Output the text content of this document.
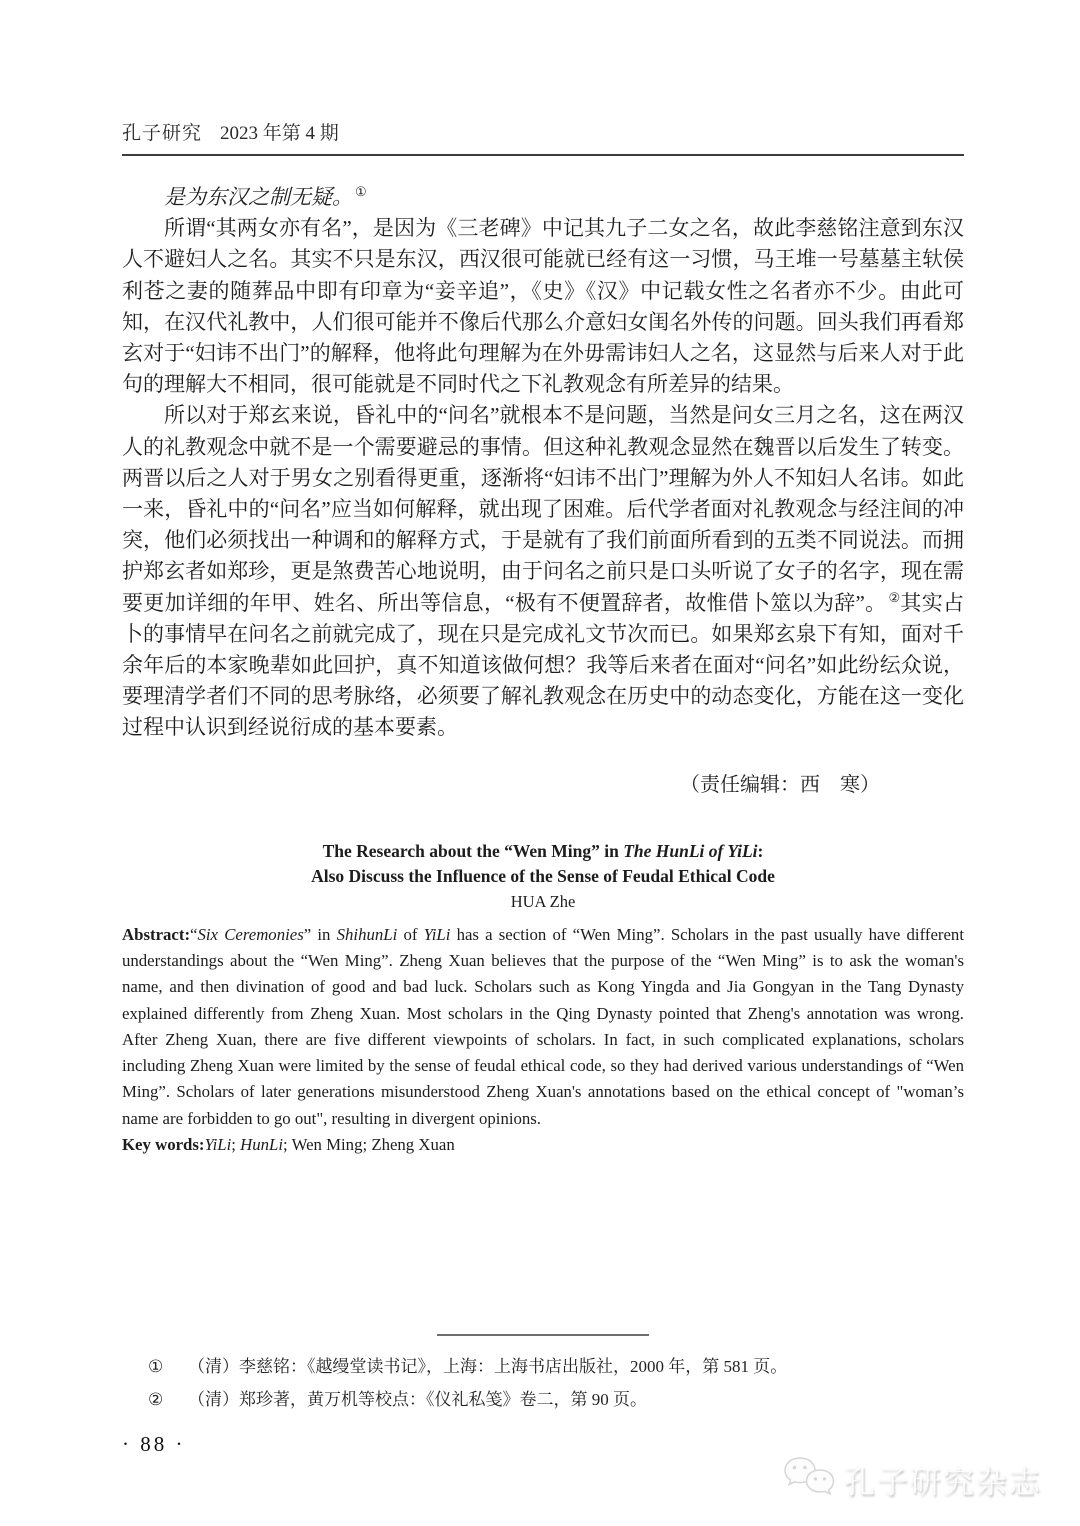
孔子研究 2023 年第 4 期

是为东汉之制无疑。 ①

所谓“其两女亦有名”，是因为《三老碑》中记其九子二女之名，故此李慈铭注意到东汉人不避妇人之名。其实不只是东汉，西汉很可能就已经有这一习惯，马王堆一号墓墓主轪侯利苍之妻的随葬品中即有印章为“妾辛追”，《史》《汉》中记载女性之名者亦不少。由此可知，在汉代礼教中，人们很可能并不像后代那么介意妇女闺名外传的问题。回头我们再看郑玄对于“妇讳不出门”的解释，他将此句理解为在外毋需讳妇人之名，这显然与后来人对于此句的理解大不相同，很可能就是不同时代之下礼教观念有所差异的结果。

所以对于郑玄来说，昏礼中的“问名”就根本不是问题，当然是问女三月之名，这在两汉人的礼教观念中就不是一个需要避忌的事情。但这种礼教观念显然在魏晋以后发生了转变。两晋以后之人对于男女之别看得更重，逐渐将“妇讳不出门”理解为外人不知妇人名讳。如此一来，昏礼中的“问名”应当如何解释，就出现了困难。后代学者面对礼教观念与经注间的冲突，他们必须找出一种调和的解释方式，于是就有了我们前面所看到的五类不同说法。而拥护郑玄者如郑珍，更是煞费苦心地说明，由于问名之前只是口头听说了女子的名字，现在需要更加详细的年甲、姓名、所出等信息，“极有不便置辞者，故惟借卜筮以为辞”。 ②其实占卜的事情早在问名之前就完成了，现在只是完成礼文节次而已。如果郑玄泉下有知，面对千余年后的本家晚辈如此回护，真不知道该做何想？我等后来者在面对“问名”如此纷纭众说，要理清学者们不同的思考脉络，必须要了解礼教观念在历史中的动态变化，方能在这一变化过程中认识到经说衍成的基本要素。

（责任编辑：西　寒）
The Research about the “Wen Ming” in The HunLi of YiLi:
Also Discuss the Influence of the Sense of Feudal Ethical Code
HUA Zhe
Abstract:“Six Ceremonies” in ShihunLi of YiLi has a section of “Wen Ming”. Scholars in the past usually have different understandings about the “Wen Ming”. Zheng Xuan believes that the purpose of the “Wen Ming” is to ask the woman's name, and then divination of good and bad luck. Scholars such as Kong Yingda and Jia Gongyan in the Tang Dynasty explained differently from Zheng Xuan. Most scholars in the Qing Dynasty pointed that Zheng's annotation was wrong. After Zheng Xuan, there are five different viewpoints of scholars. In fact, in such complicated explanations, scholars including Zheng Xuan were limited by the sense of feudal ethical code, so they had derived various understandings of “Wen Ming”. Scholars of later generations misunderstood Zheng Xuan's annotations based on the ethical concept of "woman’s name are forbidden to go out", resulting in divergent opinions.
Key words:YiLi; HunLi; Wen Ming; Zheng Xuan
①	（清）李慈铭：《越缦堂读书记》，上海：上海书店出版社，2000 年，第 581 页。
②	（清）郑珍著，黄万机等校点：《仪礼私笺》卷二，第 90 页。
· 88 ·
孔子研究杂志
